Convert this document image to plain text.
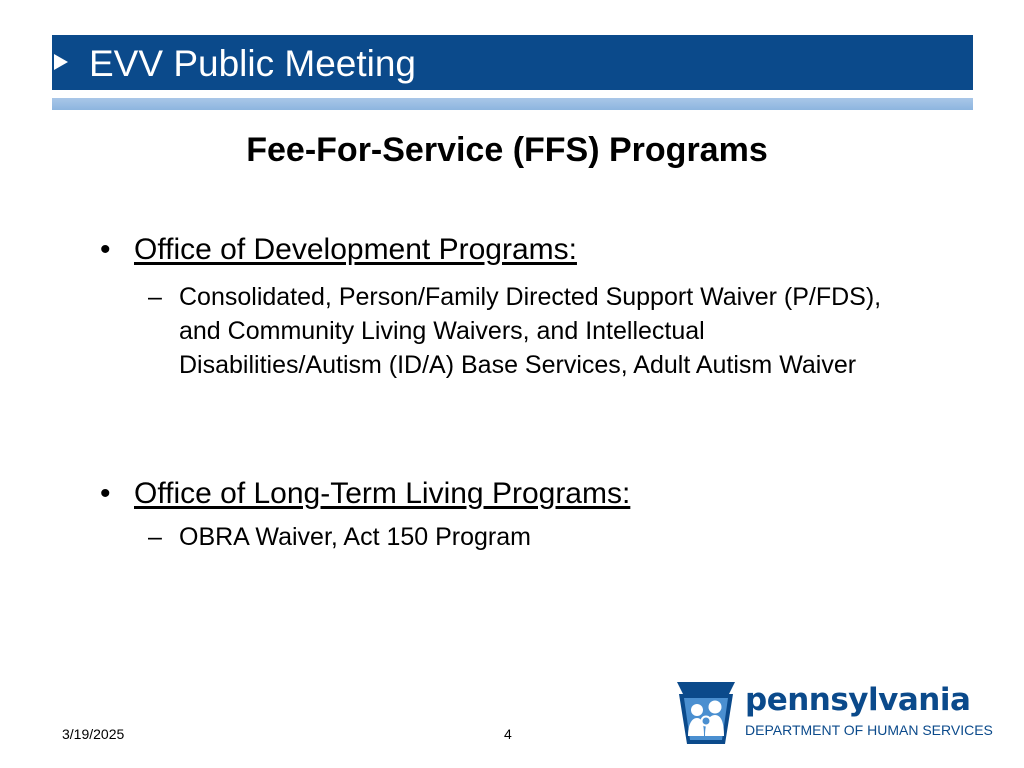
EVV Public Meeting
Fee-For-Service (FFS) Programs
• Office of Development Programs:
– Consolidated, Person/Family Directed Support Waiver (P/FDS), and Community Living Waivers, and Intellectual Disabilities/Autism (ID/A) Base Services, Adult Autism Waiver
• Office of Long-Term Living Programs:
– OBRA Waiver, Act 150 Program
3/19/2025	4
pennsylvania
DEPARTMENT OF HUMAN SERVICES
